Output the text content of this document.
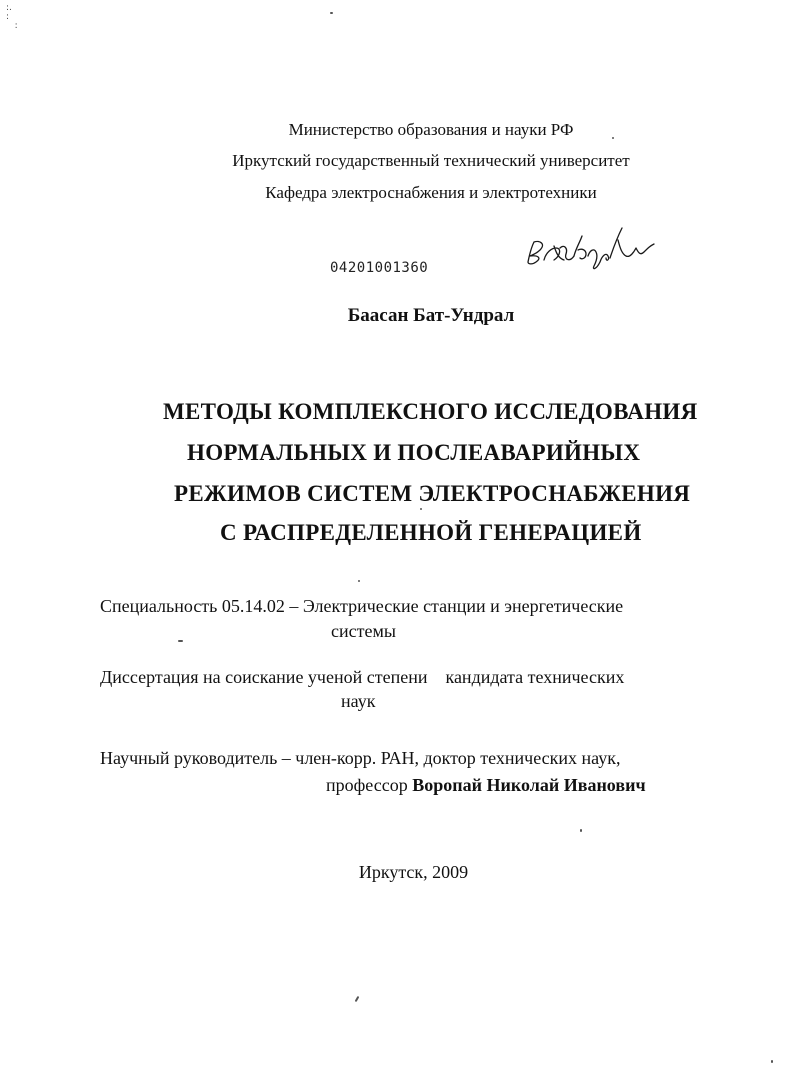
:.
:
:
Министерство образования и науки РФ
Иркутский государственный технический университет
Кафедра электроснабжения и электротехники
04201001360
Баасан Бат-Ундрал
МЕТОДЫ КОМПЛЕКСНОГО ИССЛЕДОВАНИЯ
НОРМАЛЬНЫХ И ПОСЛЕАВАРИЙНЫХ
РЕЖИМОВ СИСТЕМ ЭЛЕКТРОСНАБЖЕНИЯ
С РАСПРЕДЕЛЕННОЙ ГЕНЕРАЦИЕЙ
Специальность 05.14.02 – Электрические станции и энергетические
системы
Диссертация на соискание ученой степени    кандидата технических
наук
Научный руководитель – член-корр. РАН, доктор технических наук,
профессор Воропай Николай Иванович
Иркутск, 2009
